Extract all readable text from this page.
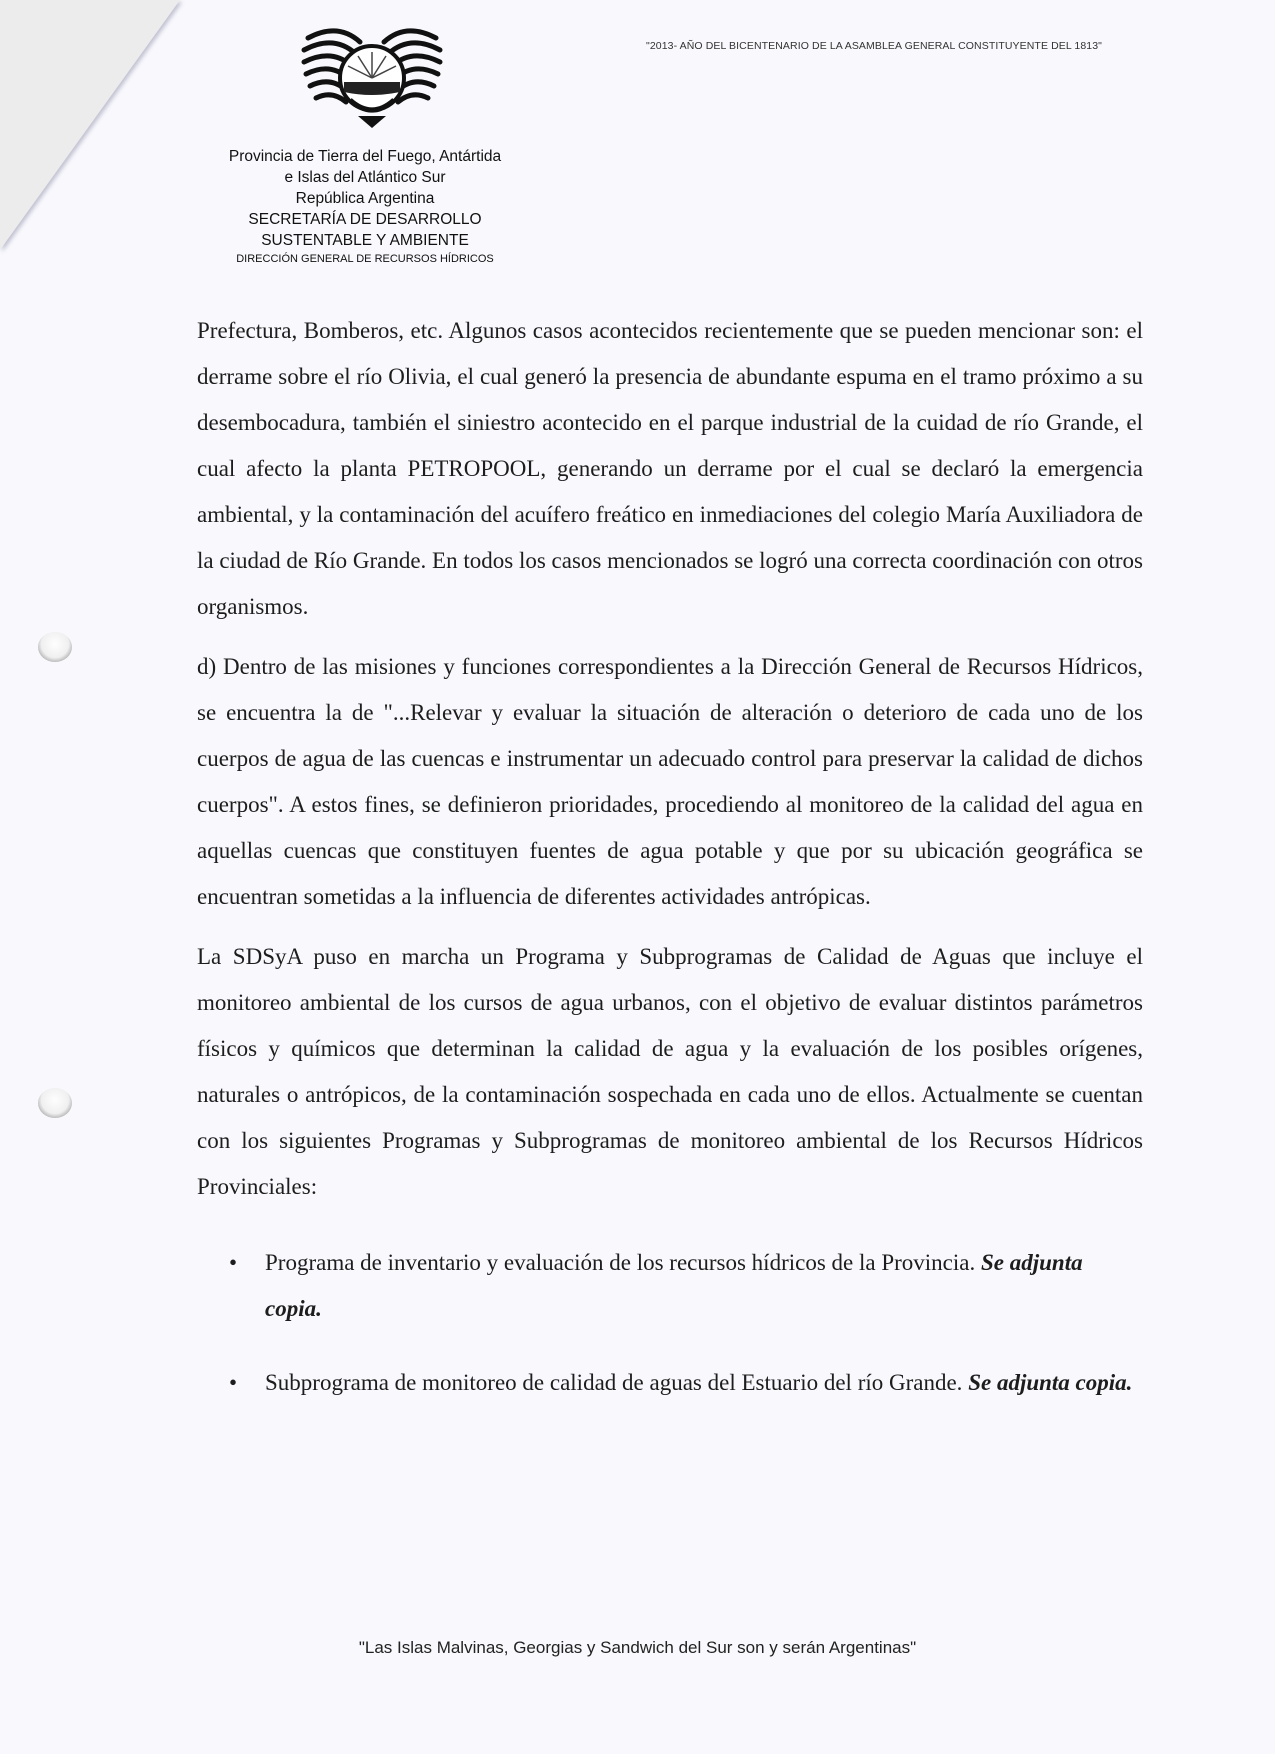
"2013- AÑO DEL BICENTENARIO DE LA ASAMBLEA GENERAL CONSTITUYENTE DEL 1813"
Provincia de Tierra del Fuego, Antártida
e Islas del Atlántico Sur
República Argentina
SECRETARÍA DE DESARROLLO
SUSTENTABLE Y AMBIENTE
DIRECCIÓN GENERAL DE RECURSOS HÍDRICOS

Prefectura, Bomberos, etc. Algunos casos acontecidos recientemente que se pueden mencionar son: el derrame sobre el río Olivia, el cual generó la presencia de abundante espuma en el tramo próximo a su desembocadura, también el siniestro acontecido en el parque industrial de la cuidad de río Grande, el cual afecto la planta PETROPOOL, generando un derrame por el cual se declaró la emergencia ambiental, y la contaminación del acuífero freático en inmediaciones del colegio María Auxiliadora de la ciudad de Río Grande. En todos los casos mencionados se logró una correcta coordinación con otros organismos.

d) Dentro de las misiones y funciones correspondientes a la Dirección General de Recursos Hídricos, se encuentra la de "...Relevar y evaluar la situación de alteración o deterioro de cada uno de los cuerpos de agua de las cuencas e instrumentar un adecuado control para preservar la calidad de dichos cuerpos". A estos fines, se definieron prioridades, procediendo al monitoreo de la calidad del agua en aquellas cuencas que constituyen fuentes de agua potable y que por su ubicación geográfica se encuentran sometidas a la influencia de diferentes actividades antrópicas.

La SDSyA puso en marcha un Programa y Subprogramas de Calidad de Aguas que incluye el monitoreo ambiental de los cursos de agua urbanos, con el objetivo de evaluar distintos parámetros físicos y químicos que determinan la calidad de agua y la evaluación de los posibles orígenes, naturales o antrópicos, de la contaminación sospechada en cada uno de ellos. Actualmente se cuentan con los siguientes Programas y Subprogramas de monitoreo ambiental de los Recursos Hídricos Provinciales:

• Programa de inventario y evaluación de los recursos hídricos de la Provincia. Se adjunta copia.
• Subprograma de monitoreo de calidad de aguas del Estuario del río Grande. Se adjunta copia.
"Las Islas Malvinas, Georgias y Sandwich del Sur son y serán Argentinas"
